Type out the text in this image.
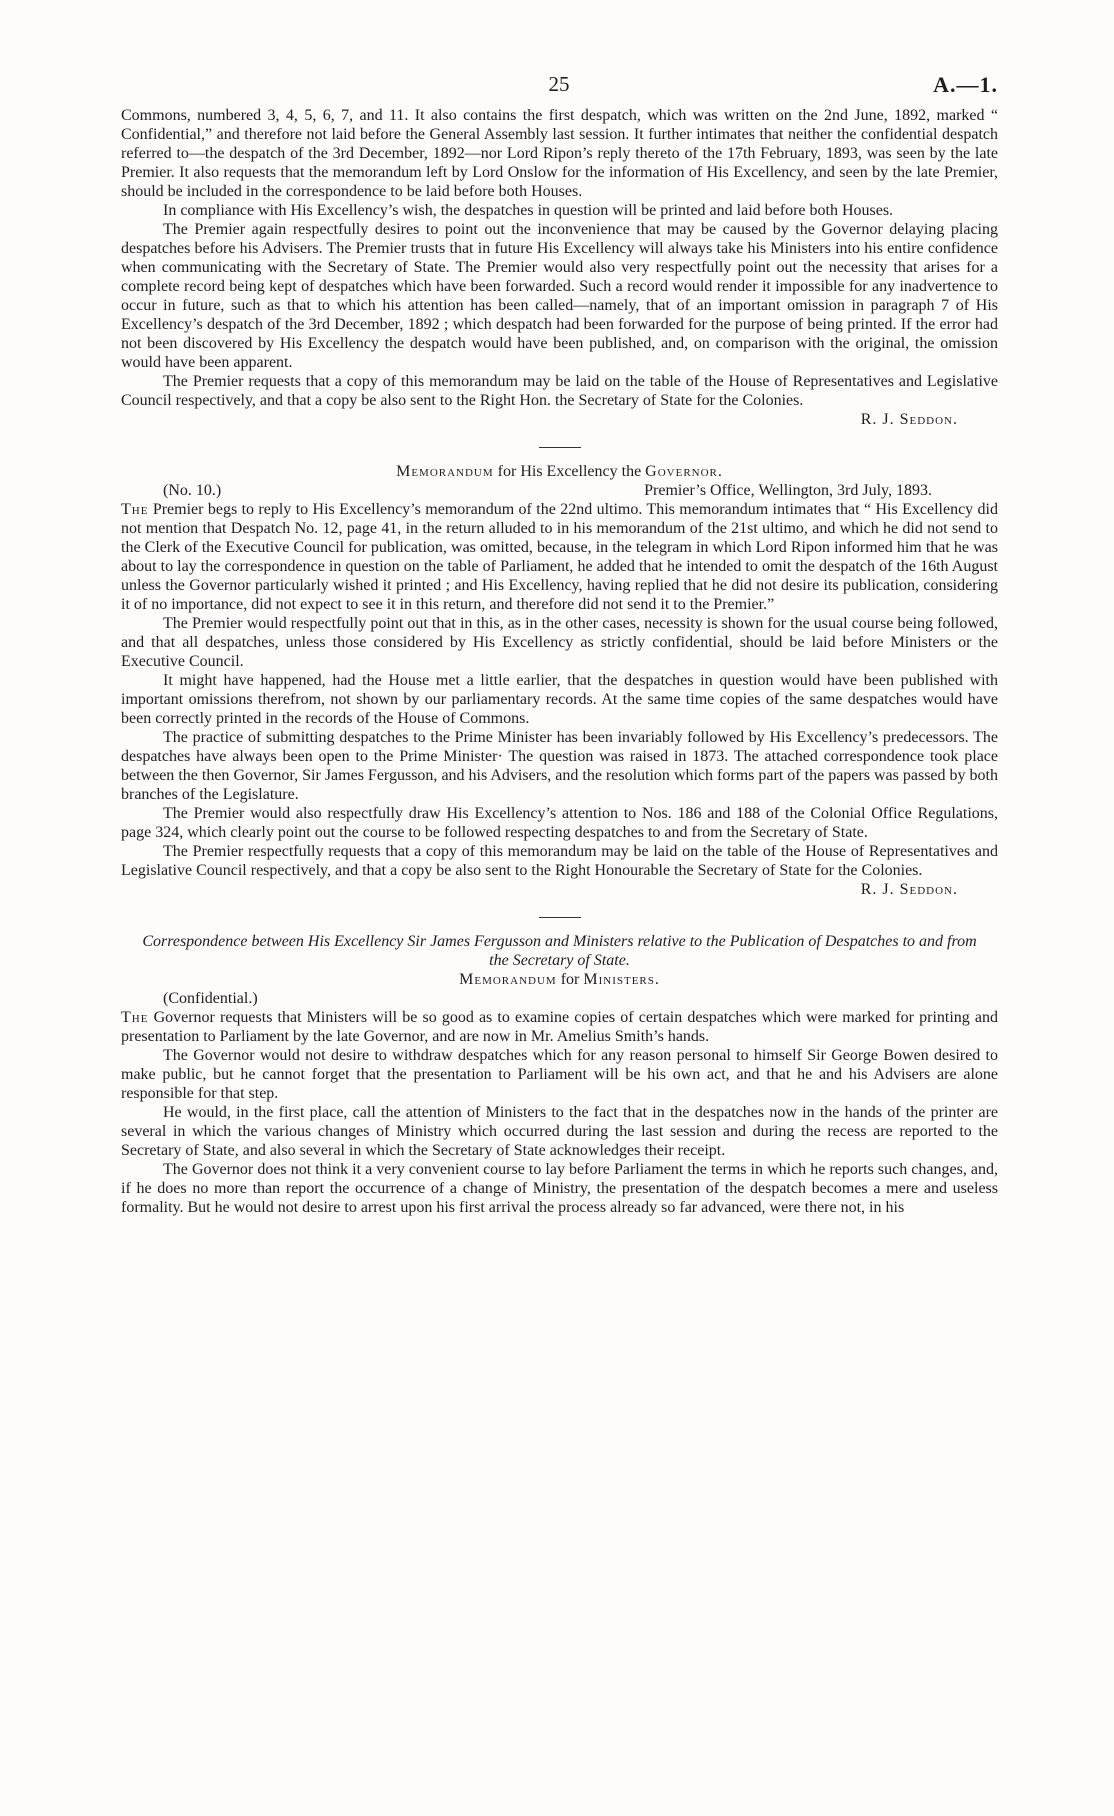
25	A.—1.

Commons, numbered 3, 4, 5, 6, 7, and 11. It also contains the first despatch, which was written on the 2nd June, 1892, marked “ Confidential,” and therefore not laid before the General Assembly last session. It further intimates that neither the confidential despatch referred to—the despatch of the 3rd December, 1892—nor Lord Ripon’s reply thereto of the 17th February, 1893, was seen by the late Premier. It also requests that the memorandum left by Lord Onslow for the information of His Excellency, and seen by the late Premier, should be included in the correspondence to be laid before both Houses.

In compliance with His Excellency’s wish, the despatches in question will be printed and laid before both Houses.

The Premier again respectfully desires to point out the inconvenience that may be caused by the Governor delaying placing despatches before his Advisers. The Premier trusts that in future His Excellency will always take his Ministers into his entire confidence when communicating with the Secretary of State. The Premier would also very respectfully point out the necessity that arises for a complete record being kept of despatches which have been forwarded. Such a record would render it impossible for any inadvertence to occur in future, such as that to which his attention has been called—namely, that of an important omission in paragraph 7 of His Excellency’s despatch of the 3rd December, 1892 ; which despatch had been forwarded for the purpose of being printed. If the error had not been discovered by His Excellency the despatch would have been published, and, on comparison with the original, the omission would have been apparent.

The Premier requests that a copy of this memorandum may be laid on the table of the House of Representatives and Legislative Council respectively, and that a copy be also sent to the Right Hon. the Secretary of State for the Colonies.

R. J. Seddon.

Memorandum for His Excellency the Governor.

(No. 10.)	Premier’s Office, Wellington, 3rd July, 1893.

The Premier begs to reply to His Excellency’s memorandum of the 22nd ultimo. This memorandum intimates that “ His Excellency did not mention that Despatch No. 12, page 41, in the return alluded to in his memorandum of the 21st ultimo, and which he did not send to the Clerk of the Executive Council for publication, was omitted, because, in the telegram in which Lord Ripon informed him that he was about to lay the correspondence in question on the table of Parliament, he added that he intended to omit the despatch of the 16th August unless the Governor particularly wished it printed ; and His Excellency, having replied that he did not desire its publication, considering it of no importance, did not expect to see it in this return, and therefore did not send it to the Premier.”

The Premier would respectfully point out that in this, as in the other cases, necessity is shown for the usual course being followed, and that all despatches, unless those considered by His Excellency as strictly confidential, should be laid before Ministers or the Executive Council.

It might have happened, had the House met a little earlier, that the despatches in question would have been published with important omissions therefrom, not shown by our parliamentary records. At the same time copies of the same despatches would have been correctly printed in the records of the House of Commons.

The practice of submitting despatches to the Prime Minister has been invariably followed by His Excellency’s predecessors. The despatches have always been open to the Prime Minister· The question was raised in 1873. The attached correspondence took place between the then Governor, Sir James Fergusson, and his Advisers, and the resolution which forms part of the papers was passed by both branches of the Legislature.

The Premier would also respectfully draw His Excellency’s attention to Nos. 186 and 188 of the Colonial Office Regulations, page 324, which clearly point out the course to be followed respecting despatches to and from the Secretary of State.

The Premier respectfully requests that a copy of this memorandum may be laid on the table of the House of Representatives and Legislative Council respectively, and that a copy be also sent to the Right Honourable the Secretary of State for the Colonies.

R. J. Seddon.

Correspondence between His Excellency Sir James Fergusson and Ministers relative to the Publication of Despatches to and from the Secretary of State.

Memorandum for Ministers.

(Confidential.)

The Governor requests that Ministers will be so good as to examine copies of certain despatches which were marked for printing and presentation to Parliament by the late Governor, and are now in Mr. Amelius Smith’s hands.

The Governor would not desire to withdraw despatches which for any reason personal to himself Sir George Bowen desired to make public, but he cannot forget that the presentation to Parliament will be his own act, and that he and his Advisers are alone responsible for that step.

He would, in the first place, call the attention of Ministers to the fact that in the despatches now in the hands of the printer are several in which the various changes of Ministry which occurred during the last session and during the recess are reported to the Secretary of State, and also several in which the Secretary of State acknowledges their receipt.

The Governor does not think it a very convenient course to lay before Parliament the terms in which he reports such changes, and, if he does no more than report the occurrence of a change of Ministry, the presentation of the despatch becomes a mere and useless formality. But he would not desire to arrest upon his first arrival the process already so far advanced, were there not, in his
